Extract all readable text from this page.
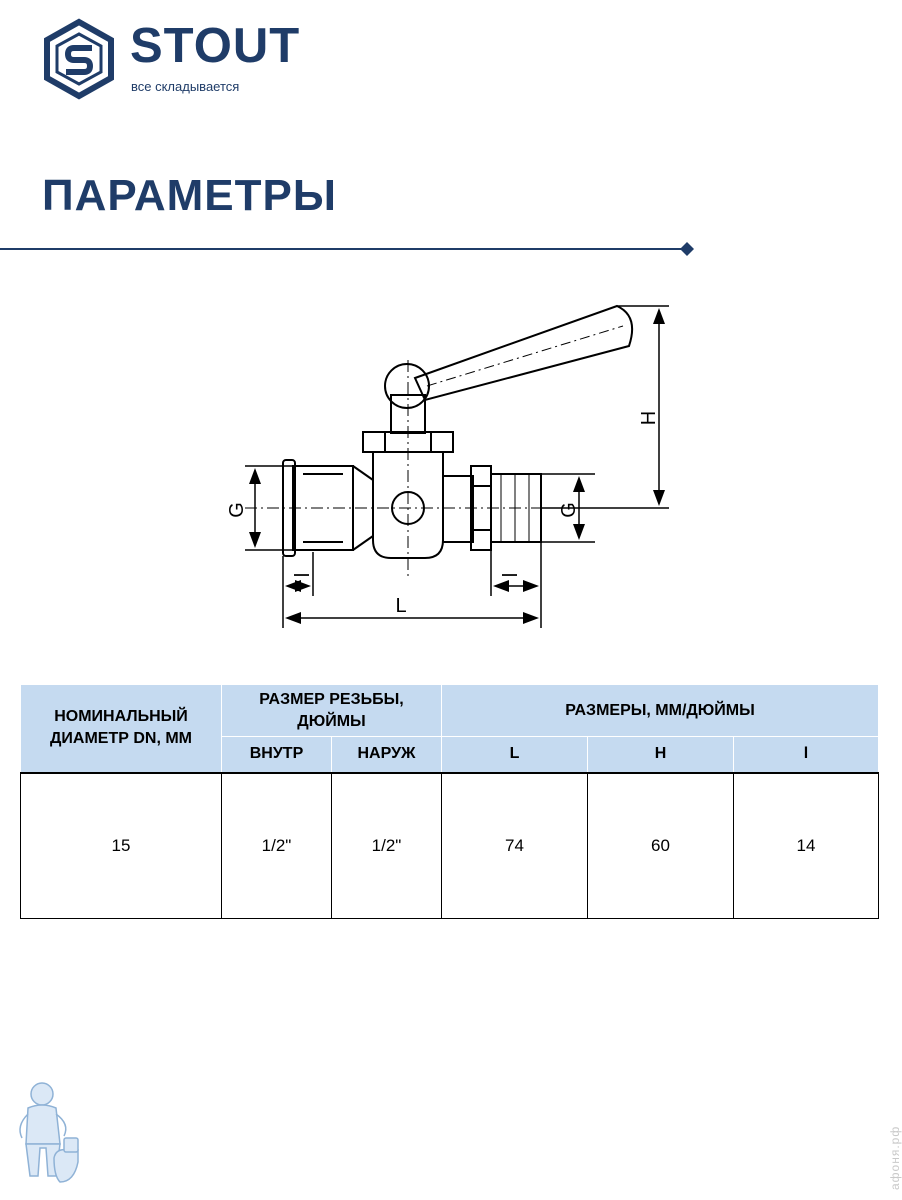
STOUT
все складывается
ПАРАМЕТРЫ
H
G	G
L
l	l
НОМИНАЛЬНЫЙ ДИАМЕТР DN, ММ	РАЗМЕР РЕЗЬБЫ, ДЮЙМЫ		РАЗМЕРЫ, ММ/ДЮЙМЫ		
	ВНУТР	НАРУЖ	L	H	l
15	1/2"	1/2"	74	60	14
афоня.рф
